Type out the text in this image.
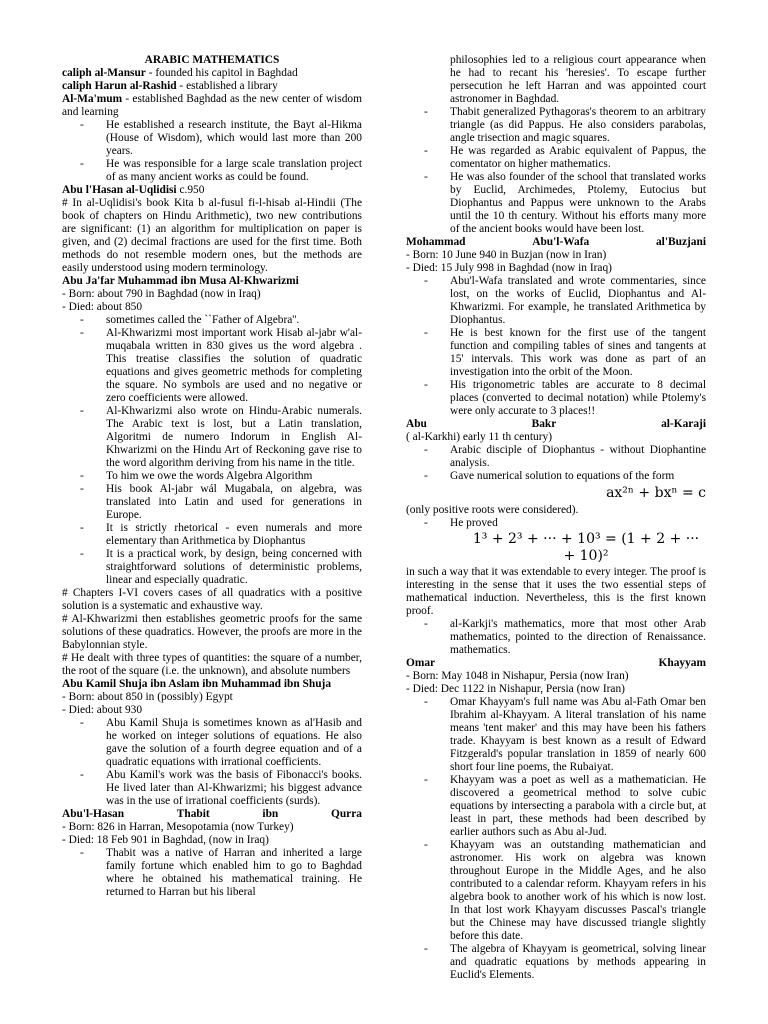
ARABIC MATHEMATICS

caliph al-Mansur - founded his capitol in Baghdad

caliph Harun al-Rashid - established a library

Al-Ma'mum - established Baghdad as the new center of wisdom and learning

- He established a research institute, the Bayt al-Hikma (House of Wisdom), which would last more than 200 years.
- He was responsible for a large scale translation project of as many ancient works as could be found.

Abu l'Hasan al-Uqlidisi c.950

# In al-Uqlidisi's book Kita b al-fusul fi-l-hisab al-Hindii (The book of chapters on Hindu Arithmetic), two new contributions are significant: (1) an algorithm for multiplication on paper is given, and (2) decimal fractions are used for the first time. Both methods do not resemble modern ones, but the methods are easily understood using modern terminology.

Abu Ja'far Muhammad ibn Musa Al-Khwarizmi

- Born: about 790 in Baghdad (now in Iraq)

- Died: about 850

- sometimes called the ``Father of Algebra''.
- Al-Khwarizmi most important work Hisab al-jabr w'al-muqabala written in 830 gives us the word algebra . This treatise classifies the solution of quadratic equations and gives geometric methods for completing the square. No symbols are used and no negative or zero coefficients were allowed.
- Al-Khwarizmi also wrote on Hindu-Arabic numerals. The Arabic text is lost, but a Latin translation, Algoritmi de numero Indorum in English Al-Khwarizmi on the Hindu Art of Reckoning gave rise to the word algorithm deriving from his name in the title.
- To him we owe the words Algebra Algorithm
- His book Al-jabr wál Mugabala, on algebra, was translated into Latin and used for generations in Europe.
- It is strictly rhetorical - even numerals and more elementary than Arithmetica by Diophantus
- It is a practical work, by design, being concerned with straightforward solutions of deterministic problems, linear and especially quadratic.

# Chapters I-VI covers cases of all quadratics with a positive solution is a systematic and exhaustive way.

# Al-Khwarizmi then establishes geometric proofs for the same solutions of these quadratics. However, the proofs are more in the Babylonnian style.

# He dealt with three types of quantities: the square of a number, the root of the square (i.e. the unknown), and absolute numbers

Abu Kamil Shuja ibn Aslam ibn Muhammad ibn Shuja

- Born: about 850 in (possibly) Egypt

- Died: about 930

- Abu Kamil Shuja is sometimes known as al'Hasib and he worked on integer solutions of equations. He also gave the solution of a fourth degree equation and of a quadratic equations with irrational coefficients.
- Abu Kamil's work was the basis of Fibonacci's books. He lived later than Al-Khwarizmi; his biggest advance was in the use of irrational coefficients (surds).
Abu'l-Hasan	Thabit	ibn	Qurra

- Born: 826 in Harran, Mesopotamia (now Turkey)

- Died: 18 Feb 901 in Baghdad, (now in Iraq)

- Thabit was a native of Harran and inherited a large family fortune which enabled him to go to Baghdad where he obtained his mathematical training. He returned to Harran but his liberal
philosophies led to a religious court appearance when he had to recant his 'heresies'. To escape further persecution he left Harran and was appointed court astronomer in Baghdad.
- Thabit generalized Pythagoras's theorem to an arbitrary triangle (as did Pappus. He also considers parabolas, angle trisection and magic squares.
- He was regarded as Arabic equivalent of Pappus, the comentator on higher mathematics.
- He was also founder of the school that translated works by Euclid, Archimedes, Ptolemy, Eutocius but Diophantus and Pappus were unknown to the Arabs until the 10 th century. Without his efforts many more of the ancient books would have been lost.
Mohammad	Abu'l-Wafa	al'Buzjani

- Born: 10 June 940 in Buzjan (now in Iran)

- Died: 15 July 998 in Baghdad (now in Iraq)

- Abu'l-Wafa translated and wrote commentaries, since lost, on the works of Euclid, Diophantus and Al-Khwarizmi. For example, he translated Arithmetica by Diophantus.
- He is best known for the first use of the tangent function and compiling tables of sines and tangents at 15' intervals. This work was done as part of an investigation into the orbit of the Moon.
- His trigonometric tables are accurate to 8 decimal places (converted to decimal notation) while Ptolemy's were only accurate to 3 places!!
Abu	Bakr	al-Karaji

( al-Karkhi) early 11 th century)

- Arabic disciple of Diophantus - without Diophantine analysis.
- Gave numerical solution to equations of the form

ax²ⁿ + bxⁿ = c

(only positive roots were considered).

- He proved

1³ + 2³ + ··· + 10³ = (1 + 2 + ··· + 10)²

in such a way that it was extendable to every integer. The proof is interesting in the sense that it uses the two essential steps of mathematical induction. Nevertheless, this is the first known proof.

- al-Karkji's mathematics, more that most other Arab mathematics, pointed to the direction of Renaissance. mathematics.
Omar	Khayyam

- Born: May 1048 in Nishapur, Persia (now Iran)

- Died: Dec 1122 in Nishapur, Persia (now Iran)

- Omar Khayyam's full name was Abu al-Fath Omar ben Ibrahim al-Khayyam. A literal translation of his name means 'tent maker' and this may have been his fathers trade. Khayyam is best known as a result of Edward Fitzgerald's popular translation in 1859 of nearly 600 short four line poems, the Rubaiyat.
- Khayyam was a poet as well as a mathematician. He discovered a geometrical method to solve cubic equations by intersecting a parabola with a circle but, at least in part, these methods had been described by earlier authors such as Abu al-Jud.
- Khayyam was an outstanding mathematician and astronomer. His work on algebra was known throughout Europe in the Middle Ages, and he also contributed to a calendar reform. Khayyam refers in his algebra book to another work of his which is now lost. In that lost work Khayyam discusses Pascal's triangle but the Chinese may have discussed triangle slightly before this date.
- The algebra of Khayyam is geometrical, solving linear and quadratic equations by methods appearing in Euclid's Elements.
